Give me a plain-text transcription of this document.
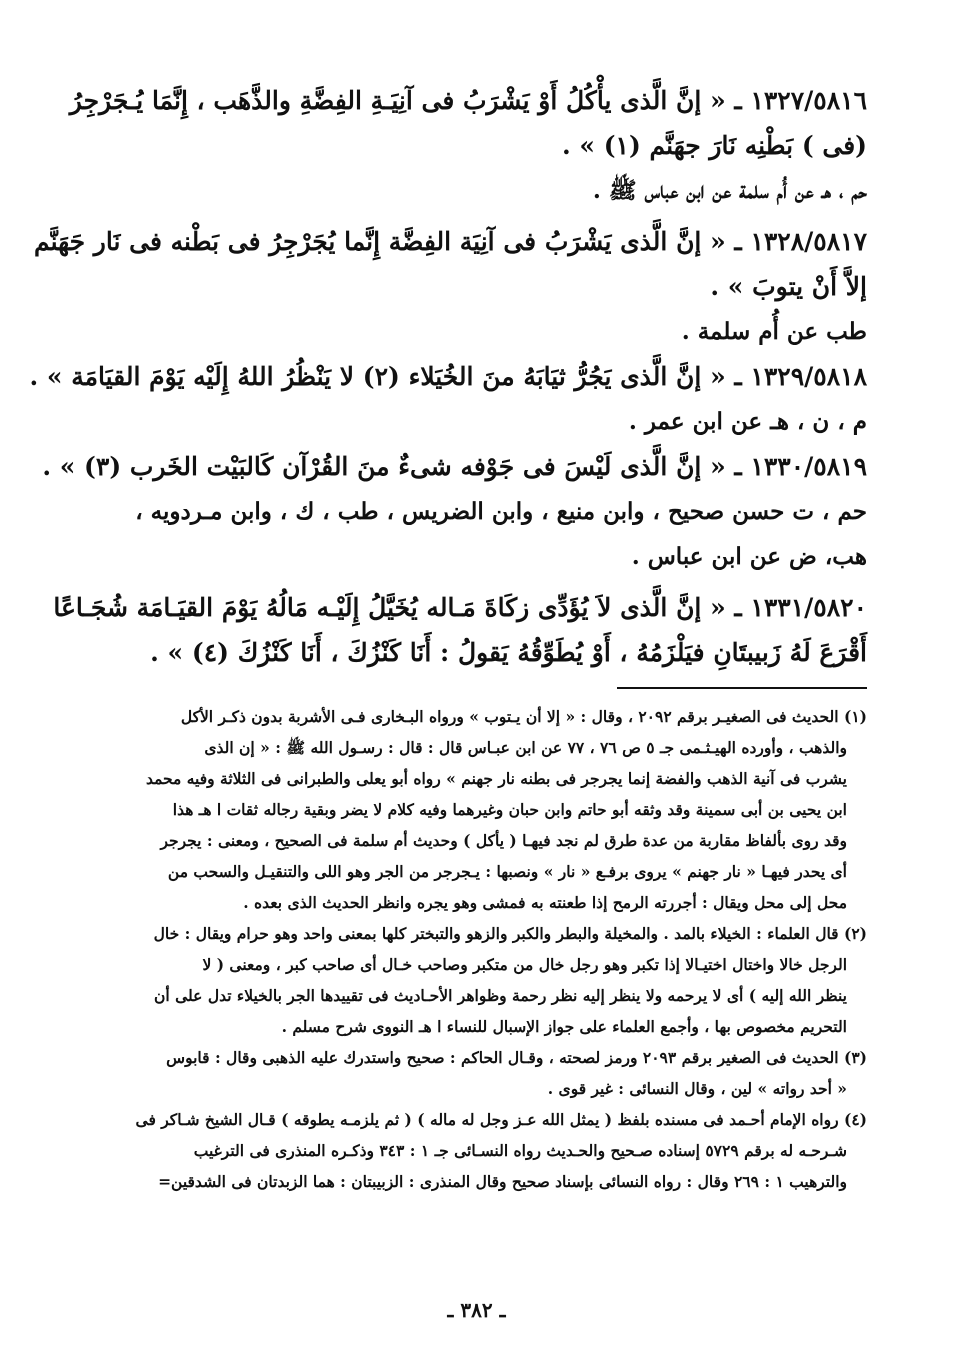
١٣٢٧/٥٨١٦ ـ « إنَّ الَّذى يأْكُلُ أَوْ يَشْرَبُ فى آنِيَـةِ الفِضَّةِ والذَّهَب ، إِنَّمَا يُـجَرْجِرُ
(فى ) بَطْنِه نَارَ جهَنَّم (١) » .
حم ، هـ عن أُم سلمة عن ابن عباس ﷺ .
١٣٢٨/٥٨١٧ ـ « إنَّ الَّذى يَشْرَبُ فى آنِيَة الفِضَّة إِنَّما يُجَرْجِرُ فى بَطْنه فى نَار جَهَنَّم
إلاَّ أَنْ يتوبَ » .
طب عن أُم سلمة .
١٣٢٩/٥٨١٨ ـ « إنَّ الَّذى يَجُرُّ ثيَابَهُ منَ الخُيَلاء (٢) لا يَنْظُرُ اللهُ إِلَيْه يَوْمَ القيَامَة » .
م ، ن ، هـ عن ابن عمر .
١٣٣٠/٥٨١٩ ـ « إنَّ الَّذى لَيْسَ فى جَوْفه شىءٌ منَ القُرْآن كَالبَيْت الخَرب (٣) » .
حم ، ت حسن صحيح ، وابن منيع ، وابن الضريس ، طب ، ك ، وابن مـردويه ،
هب، ض عن ابن عباس .
١٣٣١/٥٨٢٠ ـ « إنَّ الَّذى لاَ يُؤَدِّى زكَاةَ مَـاله يُخَيَّلُ إِلَيْـه مَالُهُ يَوْمَ القيَـامَة شُجَـاعًا
أَقْرَعَ لَهُ زَبيبتَانِ فيَلْزَمُهُ ، أَوْ يُطَوِّقُهُ يَقولُ : أَنَا كَنْزُكَ ، أَنَا كَنْزُكَ (٤) » .
(١) الحديث فى الصغيـر برقم ٢٠٩٢ ، وقال : « إلا أن يـتوب » ورواه البـخارى فـى الأشربة بدون ذكـر الأكل
والذهب ، وأورده الهيـثـمى جـ ٥ ص ٧٦ ، ٧٧ عن ابن عبـاس قال : قال : رسـول الله ﷺ : « إن الذى
يشرب فى آنية الذهب والفضة إنما يجرجر فى بطنه نار جهنم » رواه أبو يعلى والطبرانى فى الثلاثة وفيه محمد
ابن يحيى بن أبى سمينة وقد وثقه أبو حاتم وابن حبان وغيرهما وفيه كلام لا يضر وبقية رجاله ثقات ا هـ هذا
وقد روى بألفاظ مقاربة من عدة طرق لم نجد فيهـا ( يأكل ) وحديث أم سلمة فى الصحيح ، ومعنى : يجرجر
أى يحدر فيهـا « نار جهنم » يروى برفـع « نار » ونصبها : يـجرجر من الجر وهو اللى والتنقيـل والسحب من
محل إلى محل ويقال : أجررته الرمح إذا طعنته به فمشى وهو يجره وانظر الحديث الذى بعده .
(٢) قال العلماء : الخيلاء بالمد . والمخيلة والبطر والكبر والزهو والتبختر كلها بمعنى واحد وهو حرام ويقال : خال
الرجل خالا واختال اختيـالا إذا تكبر وهو رجل خال من متكبر وصاحب خـال أى صاحب كبر ، ومعنى ( لا
ينظر الله إليه ) أى لا يرحمه ولا ينظر إليه نظر رحمة وظواهر الأحـاديث فى تقييدها الجر بالخيلاء تدل على أن
التحريم مخصوص بها ، وأجمع العلماء على جواز الإسبال للنساء ا هـ النووى شرح مسلم .
(٣) الحديث فى الصغير برقم ٢٠٩٣ ورمز لصحته ، وقـال الحاكم : صحيح واستدرك عليه الذهبى وقال : قابوس
« أحد رواته » لين ، وقال النسائى : غير قوى .
(٤) رواه الإمام أحـمد فى مسنده بلفظ ( يمثل الله عـز وجل له ماله ) ( ثم يلزمـه يطوقه ) قـال الشيخ شـاكر فى
شـرحـه له برقم ٥٧٢٩ إسناده صـحيح والحـديث رواه النسـائى جـ ١ : ٣٤٣ وذكـره المنذرى فى الترغيب
والترهيب ١ : ٢٦٩ وقال : رواه النسائى بإسناد صحيح وقال المنذرى : الزبيبتان : هما الزبدتان فى الشدقين=
ـ ٣٨٢ ـ
